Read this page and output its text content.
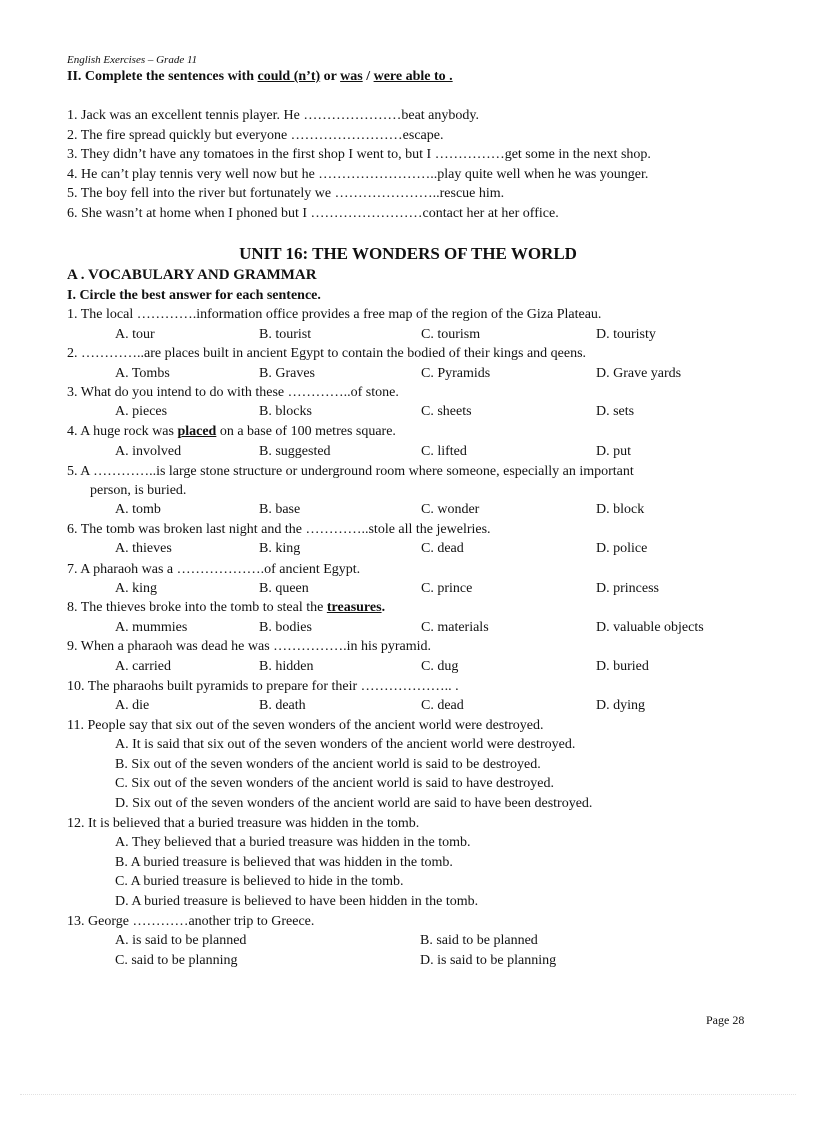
English Exercises – Grade 11
II. Complete the sentences with could (n’t) or was / were able to .
1. Jack was an excellent tennis player. He …………………beat anybody.
2. The fire spread quickly but everyone ……………………escape.
3. They didn’t have any tomatoes in the first shop I went to, but I ……………get some in the next shop.
4. He can’t play tennis very well now but he ……………………..play quite well when he was younger.
5. The boy fell into the river but fortunately we …………………..rescue him.
6. She wasn’t at home when I phoned but I ……………………contact her at her office.
UNIT 16: THE WONDERS OF THE WORLD
A . VOCABULARY AND GRAMMAR
I. Circle the best answer for each sentence.
1. The local ………….information office provides a free map of the region of the Giza Plateau.
A. tour	B. tourist	C. tourism	D. touristy
2. …………..are places built in ancient Egypt to contain the bodied of their kings and qeens.
A. Tombs	B. Graves	C. Pyramids	D. Grave yards
3. What do you intend to do with these …………..of stone.
A. pieces	B. blocks	C. sheets	D. sets
4. A huge rock was placed on a base of 100 metres square.
A. involved	B. suggested	C. lifted	D. put
5. A …………..is large stone structure or underground room where someone, especially an important
person, is buried.
A. tomb	B. base	C. wonder	D. block
6. The tomb was broken last night and the …………..stole all the jewelries.
A. thieves	B. king	C. dead	D. police
7. A pharaoh was a ……………….of ancient Egypt.
A. king	B. queen	C. prince	D. princess
8. The thieves broke into the tomb to steal the treasures.
A. mummies	B. bodies	C. materials	D. valuable objects
9. When a pharaoh was dead he was …………….in his pyramid.
A. carried	B. hidden	C. dug	D. buried
10. The pharaohs built pyramids to prepare for their ……………….. .
A. die	B. death	C. dead	D. dying
11. People say that six out of the seven wonders of the ancient world were destroyed.
A. It is said that six out of the seven wonders of the ancient world were destroyed.
B. Six out of the seven wonders of the ancient world is said to be destroyed.
C. Six out of the seven wonders of the ancient world is said to have destroyed.
D. Six out of the seven wonders of the ancient world are said to have been destroyed.
12. It is believed that a buried treasure was hidden in the tomb.
A. They believed that a buried treasure was hidden in the tomb.
B. A buried treasure is believed that was hidden in the tomb.
C. A buried treasure is believed to hide in the tomb.
D. A buried treasure is believed to have been hidden in the tomb.
13. George …………another trip to Greece.
A. is said to be planned	B. said to be planned
C. said to be planning	D. is said to be planning
Page 28
